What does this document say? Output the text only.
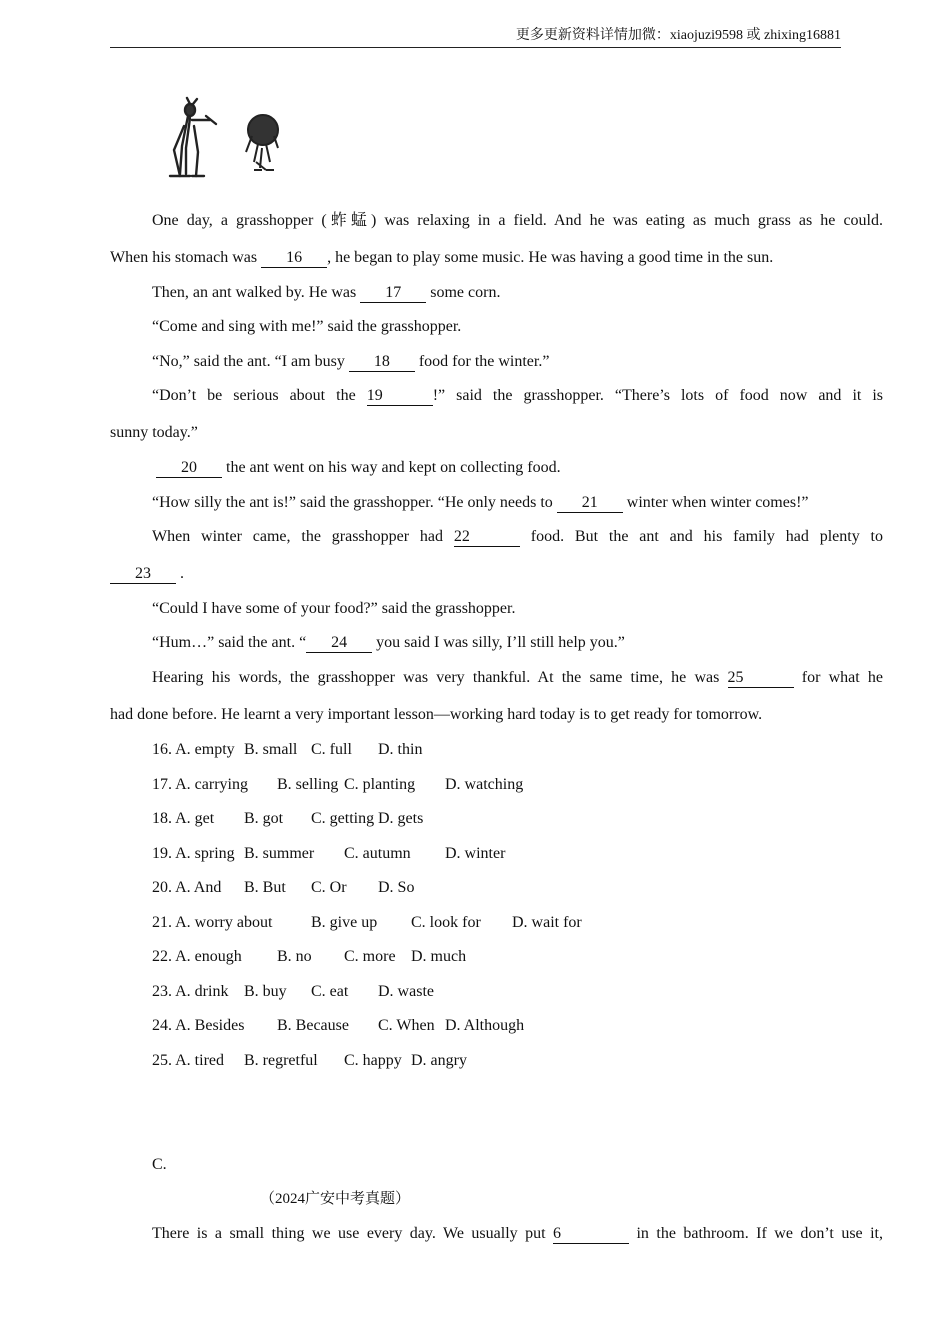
更多更新资料详情加微：xiaojuzi9598 或 zhixing16881
One day, a grasshopper (蚱蜢) was relaxing in a field. And he was eating as much grass as he could.
When his stomach was 16 , he began to play some music. He was having a good time in the sun.
Then, an ant walked by. He was 17 some corn.
“Come and sing with me!” said the grasshopper.
“No,” said the ant. “I am busy 18 food for the winter.”
“Don’t be serious about the 19	!” said the grasshopper. “There’s lots of food now and it is
sunny today.”
20 the ant went on his way and kept on collecting food.
“How silly the ant is!” said the grasshopper. “He only needs to 21 winter when winter comes!”
When winter came, the grasshopper had 22	food. But the ant and his family had plenty to
23 .
“Could I have some of your food?” said the grasshopper.
“Hum…” said the ant. “ 24 you said I was silly, I’ll still help you.”
Hearing his words, the grasshopper was very thankful. At the same time, he was 25	for what he
had done before. He learnt a very important lesson—working hard today is to get ready for tomorrow.
16. A. empty B. small C. full D. thin
17. A. carrying B. selling C. planting D. watching
18. A. get B. got C. getting D. gets
19. A. spring B. summer C. autumn D. winter
20. A. And B. But C. Or D. So
21. A. worry about B. give up C. look for D. wait for
22. A. enough B. no C. more D. much
23. A. drink B. buy C. eat D. waste
24. A. Besides B. Because C. When D. Although
25. A. tired B. regretful C. happy D. angry
C.
（2024广安中考真题）
There is a small thing we use every day. We usually put 6	in the bathroom. If we don’t use it,
